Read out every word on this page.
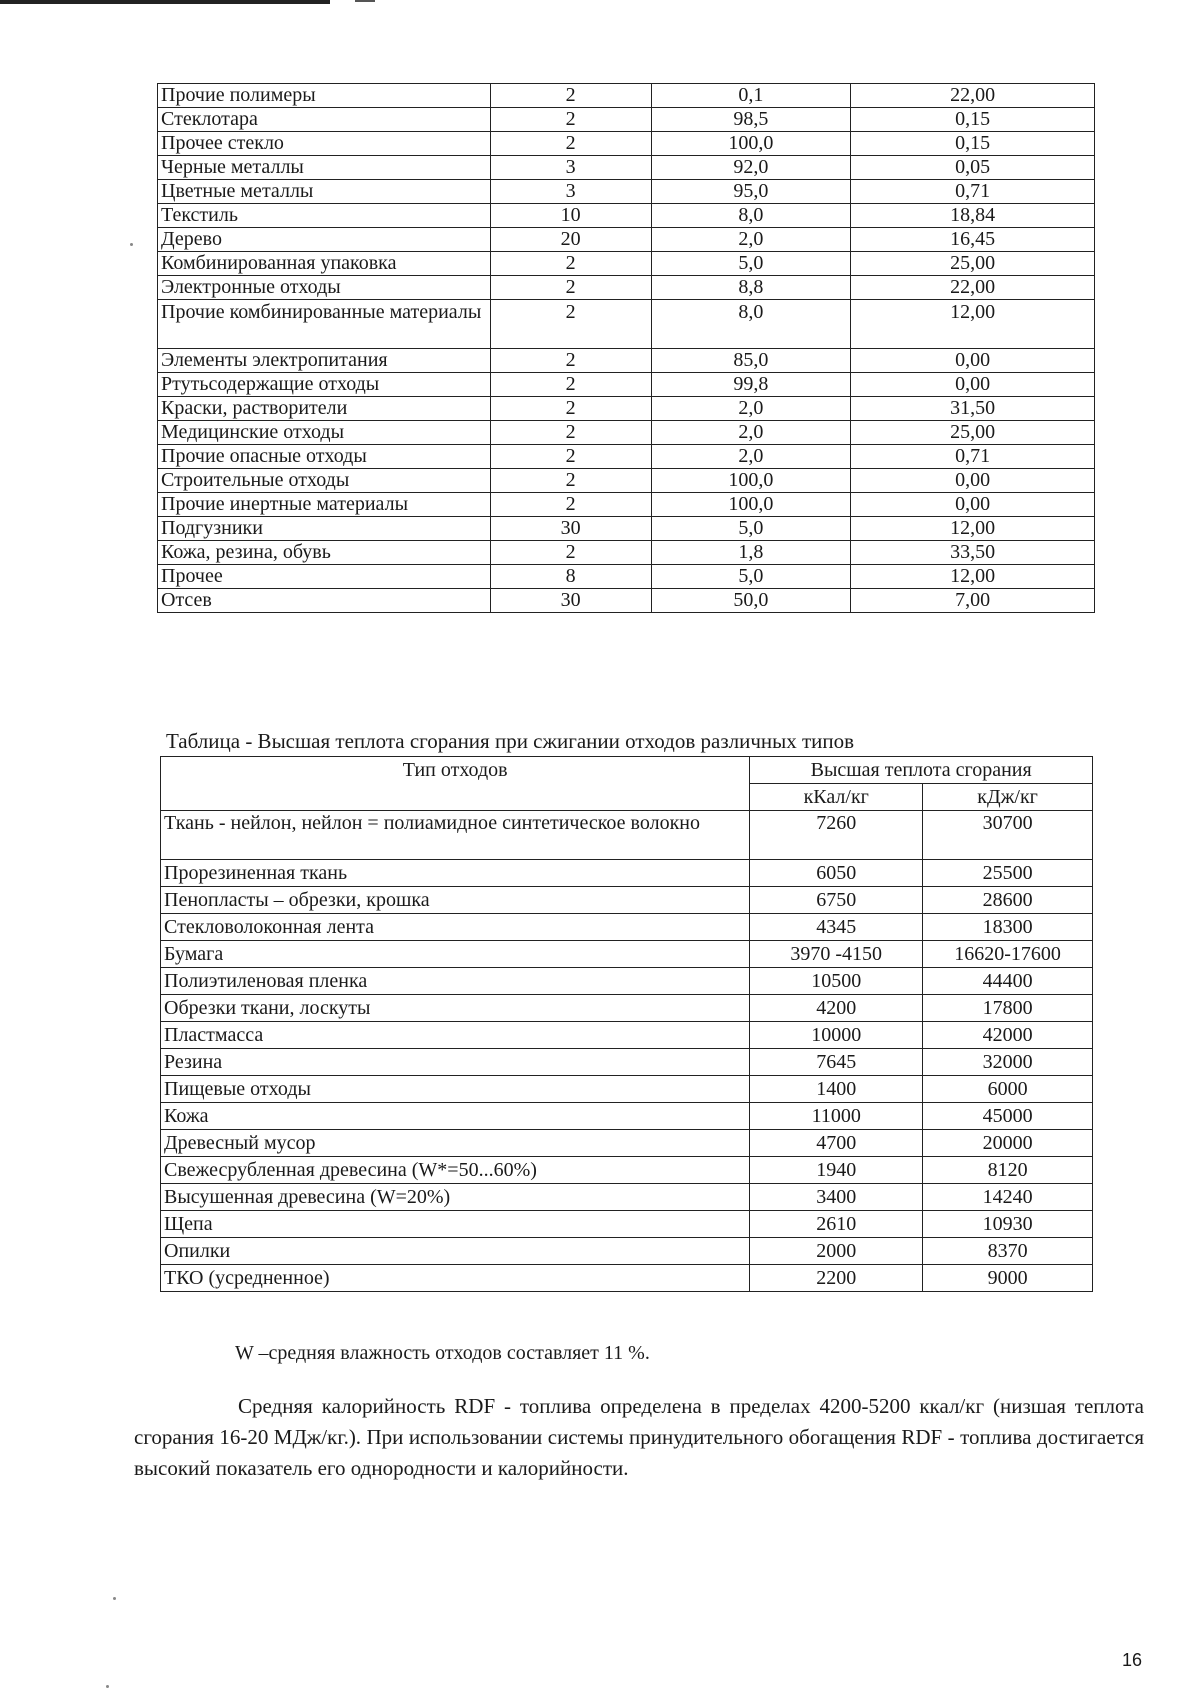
Прочие полимеры	2	0,1	22,00
Стеклотара	2	98,5	0,15
Прочее стекло	2	100,0	0,15
Черные металлы	3	92,0	0,05
Цветные металлы	3	95,0	0,71
Текстиль	10	8,0	18,84
Дерево	20	2,0	16,45
Комбинированная упаковка	2	5,0	25,00
Электронные отходы	2	8,8	22,00
Прочие комбинированные материалы	2	8,0	12,00
Элементы электропитания	2	85,0	0,00
Ртутьсодержащие отходы	2	99,8	0,00
Краски, растворители	2	2,0	31,50
Медицинские отходы	2	2,0	25,00
Прочие опасные отходы	2	2,0	0,71
Строительные отходы	2	100,0	0,00
Прочие инертные материалы	2	100,0	0,00
Подгузники	30	5,0	12,00
Кожа, резина, обувь	2	1,8	33,50
Прочее	8	5,0	12,00
Отсев	30	50,0	7,00
Таблица - Высшая теплота сгорания при сжигании отходов различных типов
Тип отходов	Высшая теплота сгорания	
	кКал/кг	кДж/кг
Ткань - нейлон, нейлон = полиамидное синтетическое волокно	7260	30700
Прорезиненная ткань	6050	25500
Пенопласты – обрезки, крошка	6750	28600
Стекловолоконная лента	4345	18300
Бумага	3970 -4150	16620-17600
Полиэтиленовая пленка	10500	44400
Обрезки ткани, лоскуты	4200	17800
Пластмасса	10000	42000
Резина	7645	32000
Пищевые отходы	1400	6000
Кожа	11000	45000
Древесный мусор	4700	20000
Свежесрубленная древесина (W*=50...60%)	1940	8120
Высушенная древесина (W=20%)	3400	14240
Щепа	2610	10930
Опилки	2000	8370
ТКО (усредненное)	2200	9000
W –средняя влажность отходов составляет 11 %.

Средняя калорийность RDF - топлива определена в пределах 4200-5200 ккал/кг (низшая теплота сгорания 16-20 МДж/кг.). При использовании системы принудительного обогащения RDF - топлива достигается высокий показатель его однородности и калорийности.

16
